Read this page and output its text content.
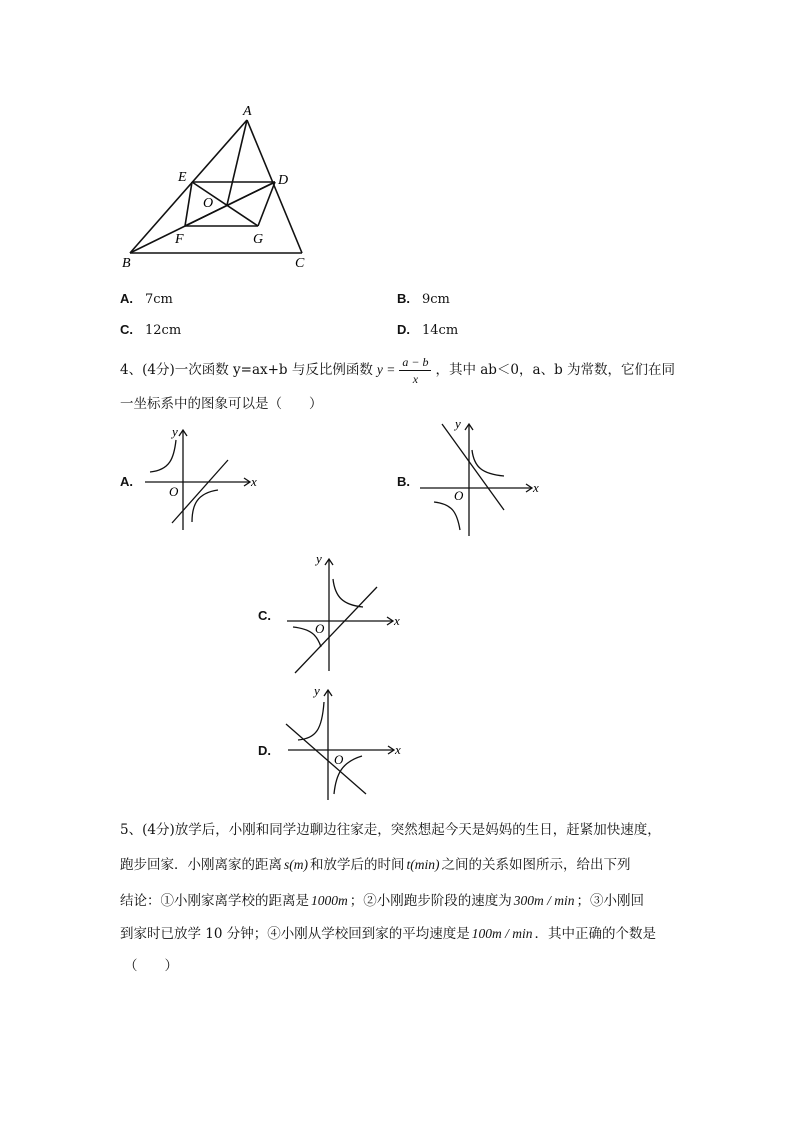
A
E	D
O
F	G
B	C
A. 7cm	B. 9cm
C. 12cm	D. 14cm
4、(4分)一次函数 y=ax+b 与反比例函数 $y = \frac{a - b}{x}$ ，其中 ab＜0，a、b 为常数，它们在同
一坐标系中的图象可以是（　　）
A.	x
y
O
B.	x
y
O
C.	x
y
O
D.	x
y
O
5、(4分)放学后，小刚和同学边聊边往家走，突然想起今天是妈妈的生日，赶紧加快速度，
跑步回家．小刚离家的距离 s(m) 和放学后的时间 t(min) 之间的关系如图所示，给出下列
结论：①小刚家离学校的距离是 1000m ；②小刚跑步阶段的速度为 300m / min ；③小刚回
到家时已放学 10 分钟；④小刚从学校回到家的平均速度是 100m / min ．其中正确的个数是
（　　）
